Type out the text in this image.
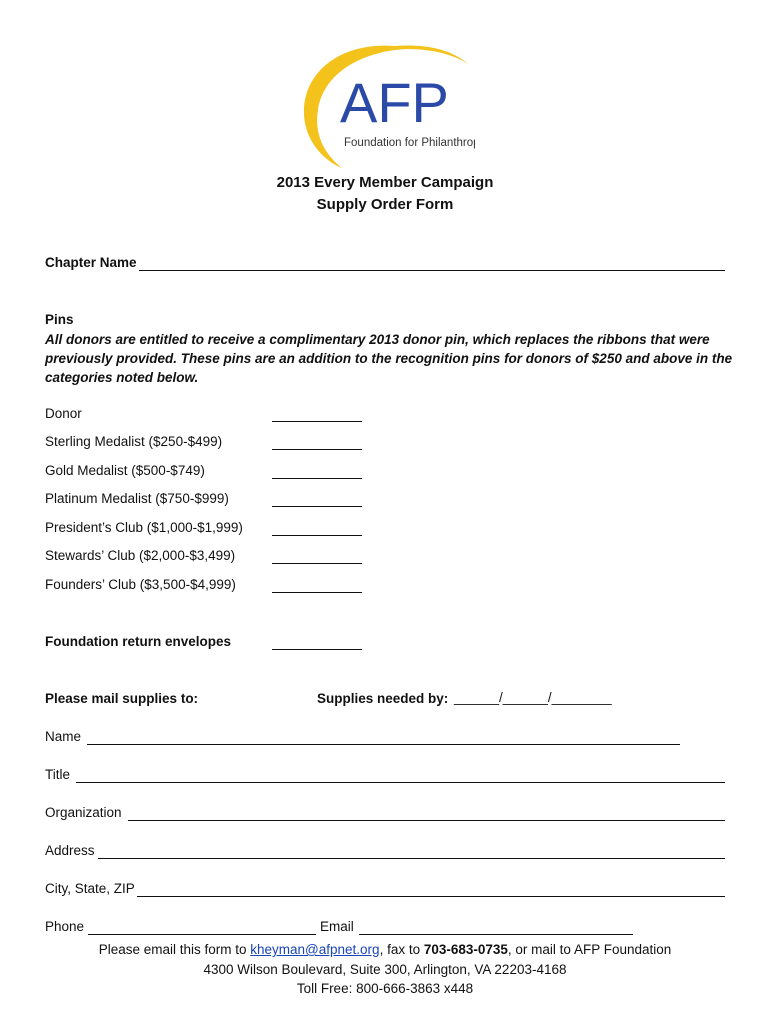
AFP
Foundation for Philanthropy
2013 Every Member Campaign
Supply Order Form
Chapter Name
Pins
All donors are entitled to receive a complimentary 2013 donor pin, which replaces the ribbons that were previously provided. These pins are an addition to the recognition pins for donors of $250 and above in the categories noted below.
Donor
Sterling Medalist ($250-$499)
Gold Medalist ($500-$749)
Platinum Medalist ($750-$999)
President’s Club ($1,000-$1,999)
Stewards’ Club ($2,000-$3,499)
Founders’ Club ($3,500-$4,999)
Foundation return envelopes
Please mail supplies to:	Supplies needed by: ______/______/________
Name
Title
Organization
Address
City, State, ZIP
Phone	Email
Please email this form to kheyman@afpnet.org, fax to 703-683-0735, or mail to AFP Foundation
4300 Wilson Boulevard, Suite 300, Arlington, VA 22203-4168
Toll Free: 800-666-3863 x448
